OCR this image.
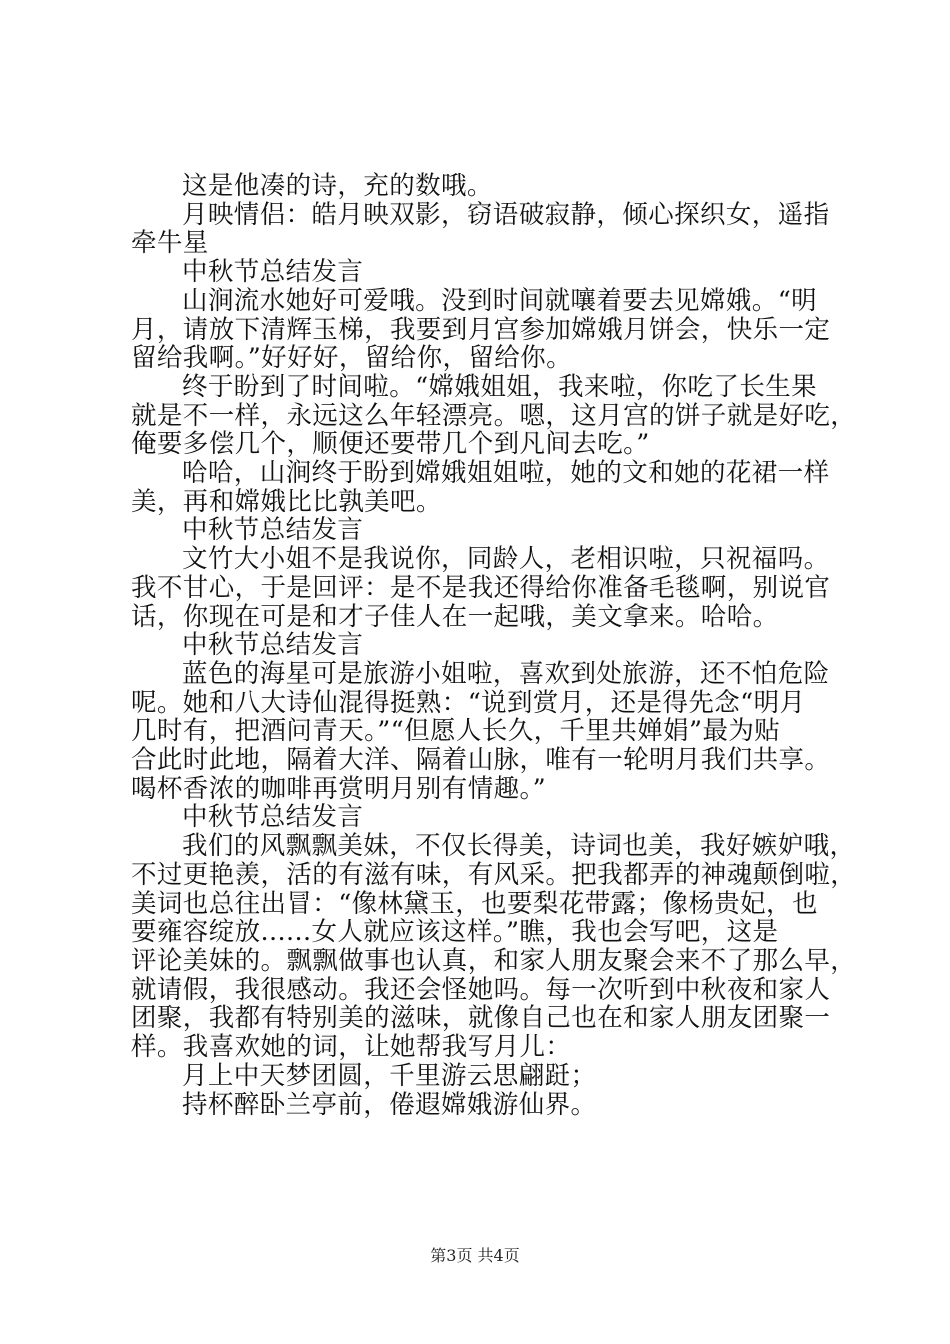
这是他凑的诗，充的数哦。
月映情侣：皓月映双影，窃语破寂静，倾心探织女，遥指
牵牛星
中秋节总结发言
山涧流水她好可爱哦。没到时间就嚷着要去见嫦娥。“明
月，请放下清辉玉梯，我要到月宫参加嫦娥月饼会，快乐一定
留给我啊。”好好好，留给你，留给你。
终于盼到了时间啦。“嫦娥姐姐，我来啦，你吃了长生果
就是不一样，永远这么年轻漂亮。嗯，这月宫的饼子就是好吃，
俺要多偿几个，顺便还要带几个到凡间去吃。”
哈哈，山涧终于盼到嫦娥姐姐啦，她的文和她的花裙一样
美，再和嫦娥比比孰美吧。
中秋节总结发言
文竹大小姐不是我说你，同龄人，老相识啦，只祝福吗。
我不甘心，于是回评：是不是我还得给你准备毛毯啊，别说官
话，你现在可是和才子佳人在一起哦，美文拿来。哈哈。
中秋节总结发言
蓝色的海星可是旅游小姐啦，喜欢到处旅游，还不怕危险
呢。她和八大诗仙混得挺熟：“说到赏月，还是得先念“明月
几时有，把酒问青天。”“但愿人长久，千里共婵娟”最为贴
合此时此地，隔着大洋、隔着山脉，唯有一轮明月我们共享。
喝杯香浓的咖啡再赏明月别有情趣。”
中秋节总结发言
我们的风飘飘美妹，不仅长得美，诗词也美，我好嫉妒哦，
不过更艳羡，活的有滋有味，有风采。把我都弄的神魂颠倒啦，
美词也总往出冒：“像林黛玉，也要梨花带露；像杨贵妃，也
要雍容绽放......女人就应该这样。”瞧，我也会写吧，这是
评论美妹的。飘飘做事也认真，和家人朋友聚会来不了那么早，
就请假，我很感动。我还会怪她吗。每一次听到中秋夜和家人
团聚，我都有特别美的滋味，就像自己也在和家人朋友团聚一
样。我喜欢她的词，让她帮我写月儿：
月上中天梦团圆，千里游云思翩跹；
持杯醉卧兰亭前，倦遐嫦娥游仙界。
第3页 共4页
